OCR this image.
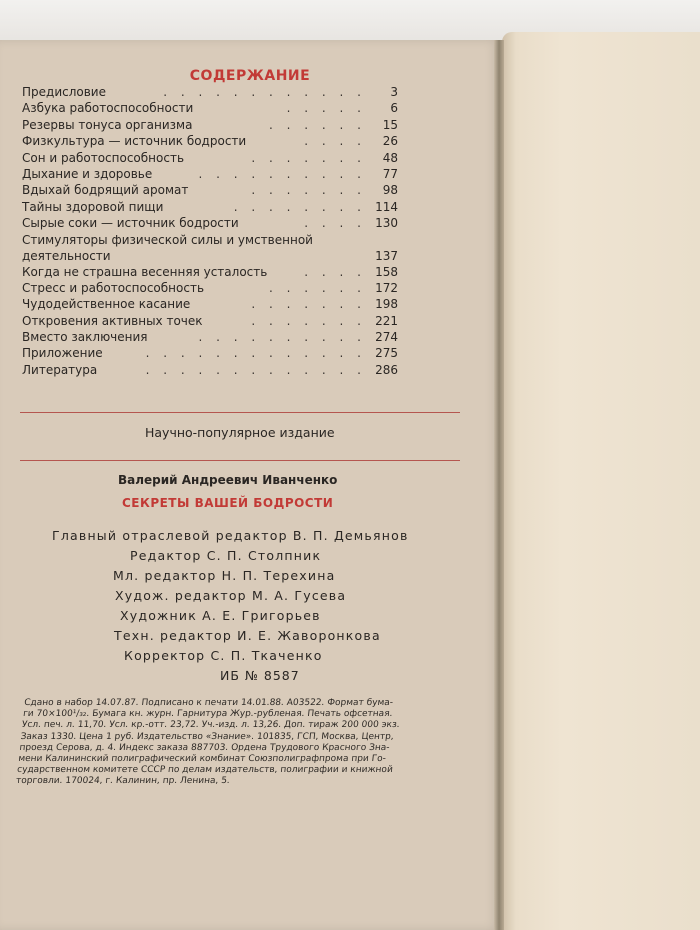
СОДЕРЖАНИЕ
Предисловие	. . . . . . . . . . . .	3
Азбука работоспособности	. . . . .	6
Резервы тонуса организма	. . . . . .	15
Физкультура — источник бодрости	. . . .	26
Сон и работоспособность	. . . . . . .	48
Дыхание и здоровье	. . . . . . . . . .	77
Вдыхай бодрящий аромат	. . . . . . .	98
Тайны здоровой пищи	. . . . . . . . 114
Сырые соки — источник бодрости	. . . . 130
Стимуляторы физической силы и умственной деятельности	137
Когда не страшна весенняя усталость	. . . . 158
Стресс и работоспособность	. . . . . . 172
Чудодейственное касание	. . . . . . . 198
Откровения активных точек	. . . . . . . 221
Вместо заключения	. . . . . . . . . . 274
Приложение	. . . . . . . . . . . . . 275
Литература	. . . . . . . . . . . . . 286
Научно-популярное издание
Валерий Андреевич Иванченко
СЕКРЕТЫ ВАШЕЙ БОДРОСТИ
Главный отраслевой редактор В. П. Демьянов
Редактор С. П. Столпник
Мл. редактор Н. П. Терехина
Худож. редактор М. А. Гусева
Художник А. Е. Григорьев
Техн. редактор И. Е. Жаворонкова
Корректор С. П. Ткаченко
ИБ № 8587

Сдано в набор 14.07.87. Подписано к печати 14.01.88. А03522. Формат бума-

ги 70×100¹/₃₂. Бумага кн. журн. Гарнитура Жур.-рубленая. Печать офсетная.

Усл. печ. л. 11,70. Усл. кр.-отт. 23,72. Уч.-изд. л. 13,26. Доп. тираж 200 000 экз.

Заказ 1330. Цена 1 руб. Издательство «Знание». 101835, ГСП, Москва, Центр,

проезд Серова, д. 4. Индекс заказа 887703. Ордена Трудового Красного Зна-

мени Калининский полиграфический комбинат Союзполиграфпрома при Го-

сударственном комитете СССР по делам издательств, полиграфии и книжной

торговли. 170024, г. Калинин, пр. Ленина, 5.
